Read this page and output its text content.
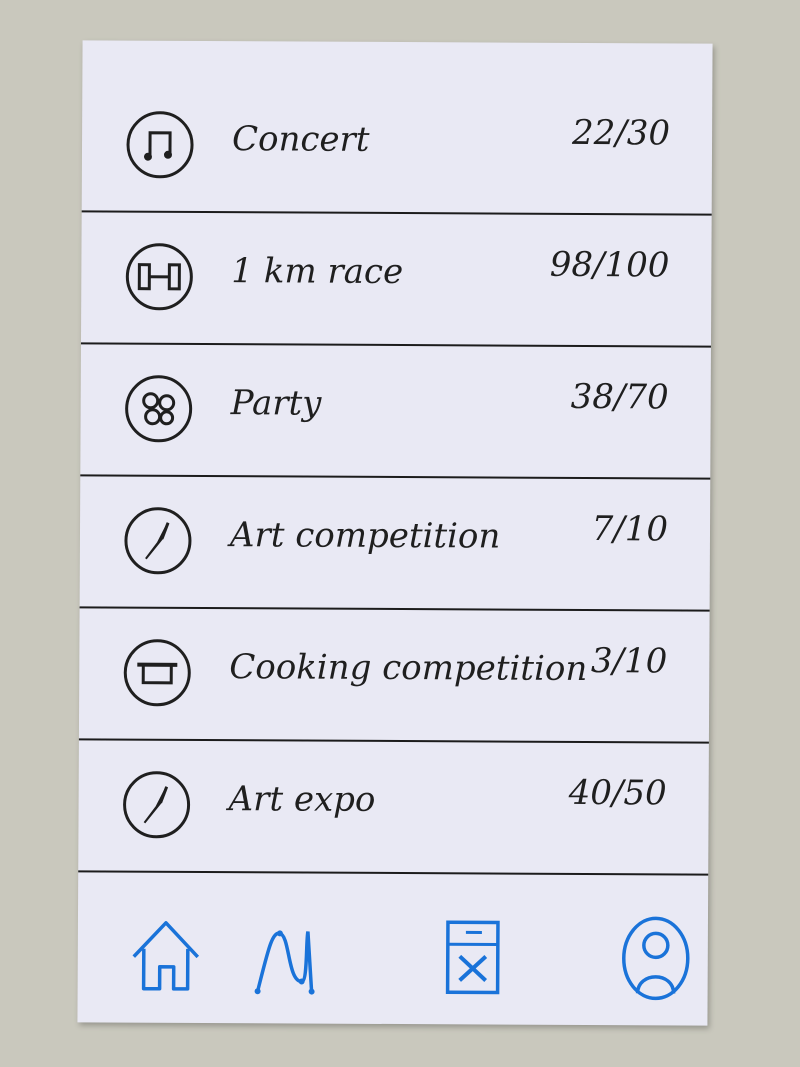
Concert	22/30
1 km race	98/100
Party	38/70
Art competition	7/10
Cooking competition 3/10
Art expo	40/50
